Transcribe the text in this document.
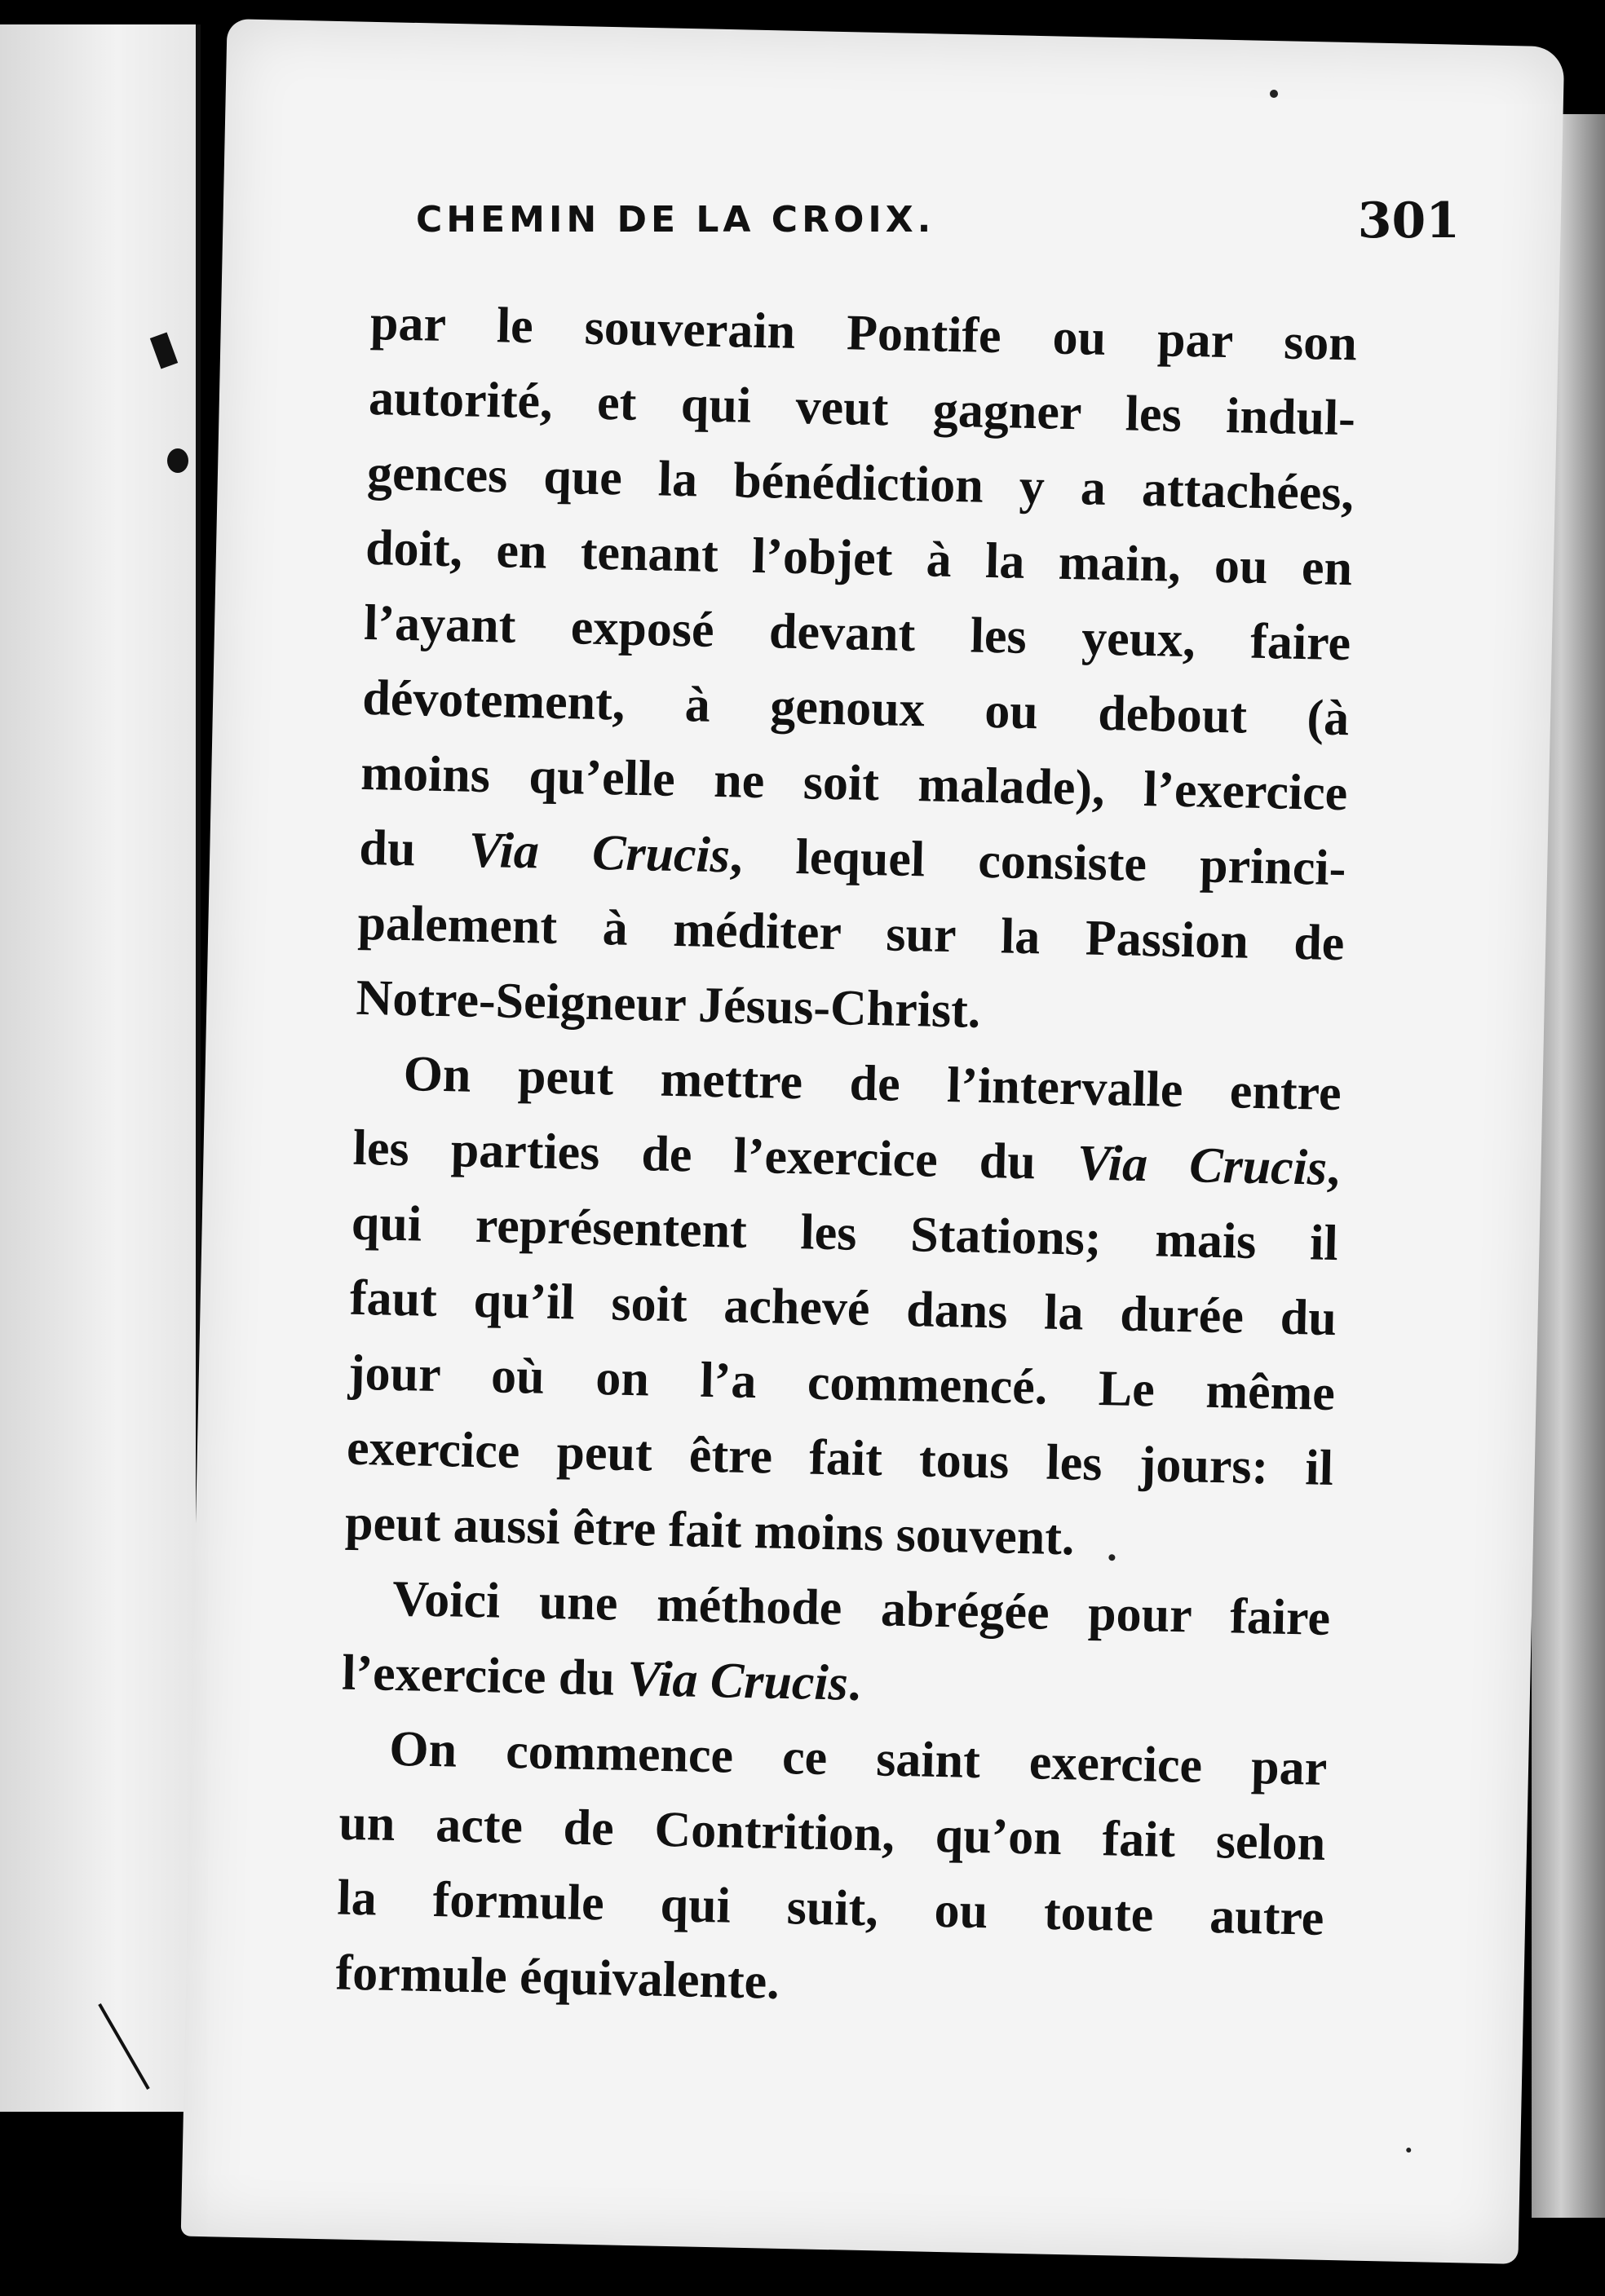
CHEMIN DE LA CROIX.	301
par le souverain Pontife ou par son
autorité, et qui veut gagner les indul-
gences que la bénédiction y a attachées,
doit, en tenant l’objet à la main, ou en
l’ayant exposé devant les yeux, faire
dévotement, à genoux ou debout (à
moins qu’elle ne soit malade), l’exercice
du Via Crucis, lequel consiste princi-
palement à méditer sur la Passion de
Notre-Seigneur Jésus-Christ.
On peut mettre de l’intervalle entre
les parties de l’exercice du Via Crucis,
qui représentent les Stations; mais il
faut qu’il soit achevé dans la durée du
jour où on l’a commencé. Le même
exercice peut être fait tous les jours: il
peut aussi être fait moins souvent.
Voici une méthode abrégée pour faire
l’exercice du Via Crucis.
On commence ce saint exercice par
un acte de Contrition, qu’on fait selon
la formule qui suit, ou toute autre
formule équivalente.
